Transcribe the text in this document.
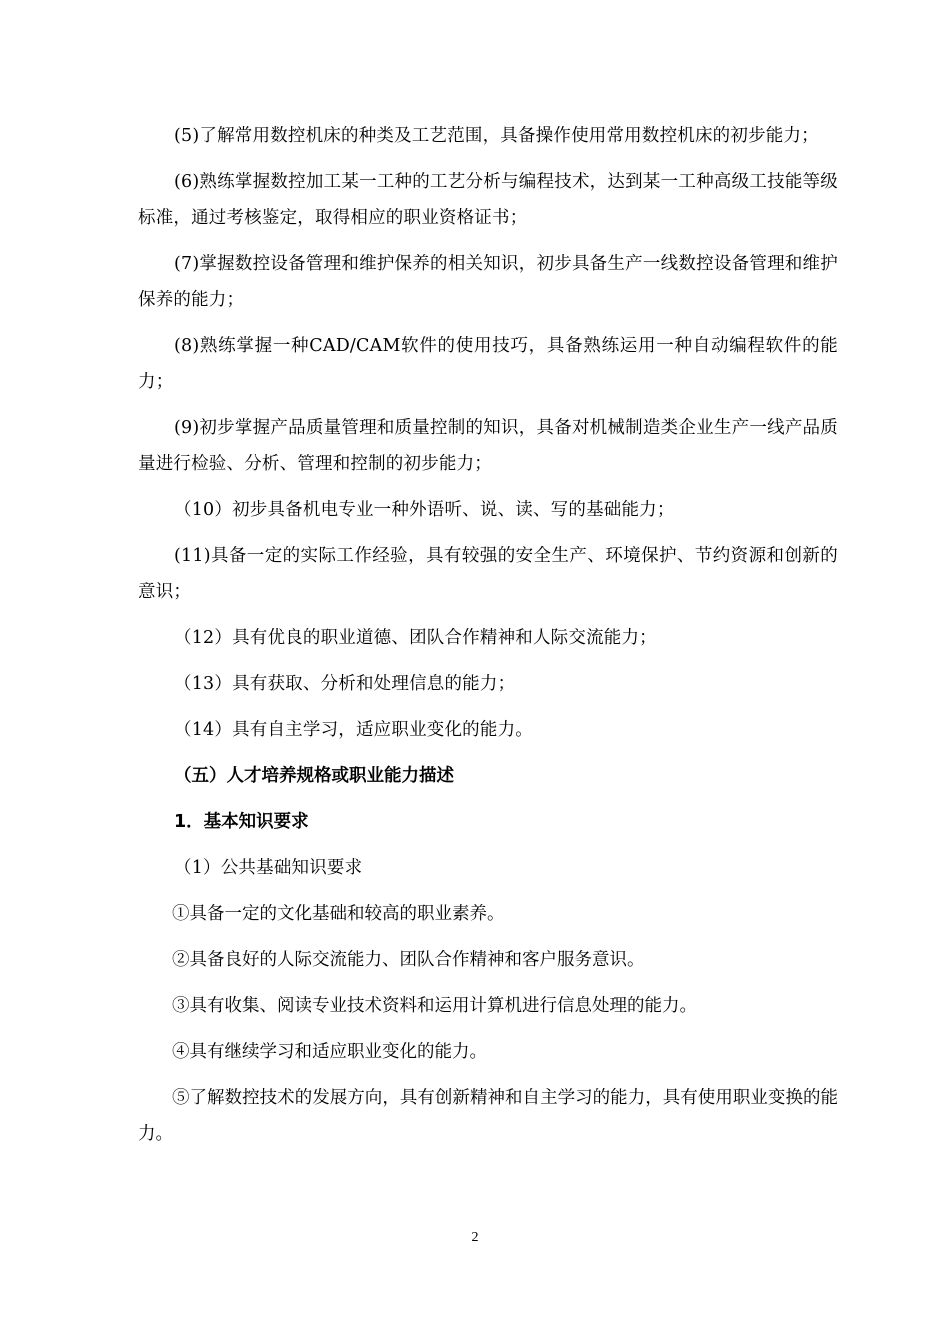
(5)了解常用数控机床的种类及工艺范围，具备操作使用常用数控机床的初步能力；

(6)熟练掌握数控加工某一工种的工艺分析与编程技术，达到某一工种高级工技能等级标准，通过考核鉴定，取得相应的职业资格证书；

(7)掌握数控设备管理和维护保养的相关知识，初步具备生产一线数控设备管理和维护保养的能力；

(8)熟练掌握一种CAD/CAM软件的使用技巧，具备熟练运用一种自动编程软件的能力；

(9)初步掌握产品质量管理和质量控制的知识，具备对机械制造类企业生产一线产品质量进行检验、分析、管理和控制的初步能力；

（10）初步具备机电专业一种外语听、说、读、写的基础能力；

(11)具备一定的实际工作经验，具有较强的安全生产、环境保护、节约资源和创新的意识；

（12）具有优良的职业道德、团队合作精神和人际交流能力；

（13）具有获取、分析和处理信息的能力；

（14）具有自主学习，适应职业变化的能力。

（五）人才培养规格或职业能力描述

1．基本知识要求

（1）公共基础知识要求

①具备一定的文化基础和较高的职业素养。

②具备良好的人际交流能力、团队合作精神和客户服务意识。

③具有收集、阅读专业技术资料和运用计算机进行信息处理的能力。

④具有继续学习和适应职业变化的能力。

⑤了解数控技术的发展方向，具有创新精神和自主学习的能力，具有使用职业变换的能力。

2
